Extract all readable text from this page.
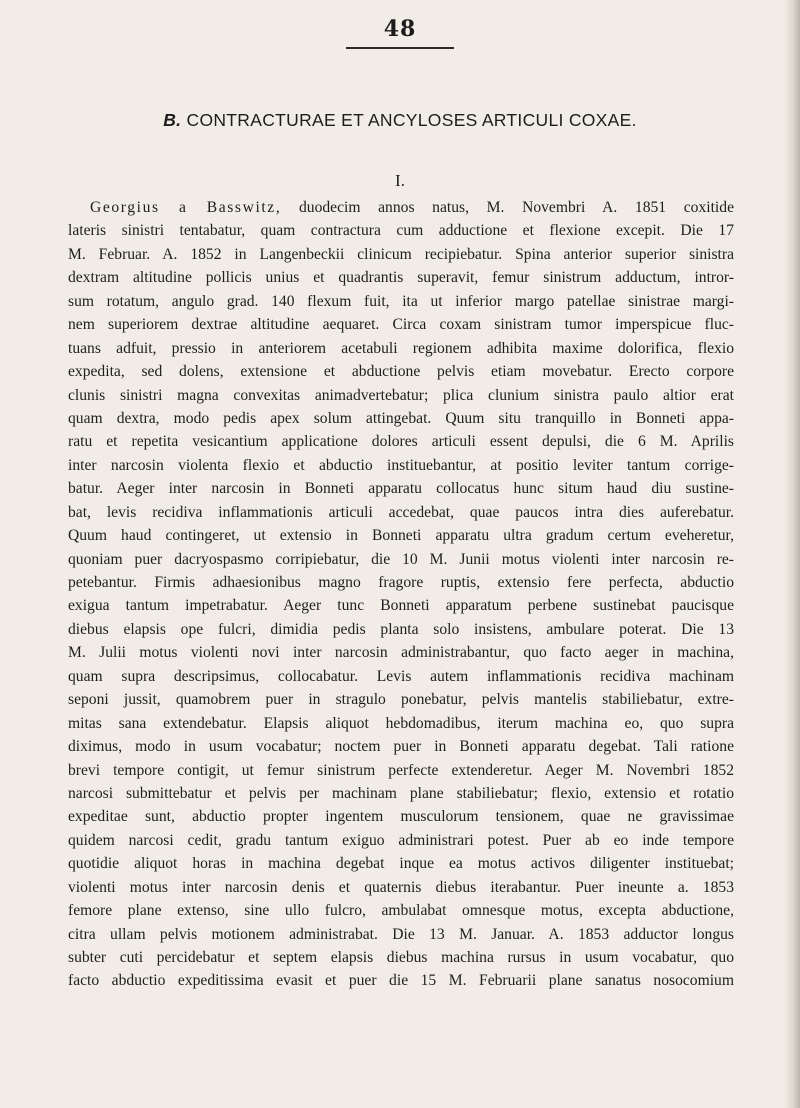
48
B. CONTRACTURAE ET ANCYLOSES ARTICULI COXAE.
I.
Georgius a Basswitz, duodecim annos natus, M. Novembri A. 1851 coxitide
lateris sinistri tentabatur, quam contractura cum adductione et flexione excepit. Die 17
M. Februar. A. 1852 in Langenbeckii clinicum recipiebatur. Spina anterior superior sinistra
dextram altitudine pollicis unius et quadrantis superavit, femur sinistrum adductum, intror-
sum rotatum, angulo grad. 140 flexum fuit, ita ut inferior margo patellae sinistrae margi-
nem superiorem dextrae altitudine aequaret. Circa coxam sinistram tumor imperspicue fluc-
tuans adfuit, pressio in anteriorem acetabuli regionem adhibita maxime dolorifica, flexio
expedita, sed dolens, extensione et abductione pelvis etiam movebatur. Erecto corpore
clunis sinistri magna convexitas animadvertebatur; plica clunium sinistra paulo altior erat
quam dextra, modo pedis apex solum attingebat. Quum situ tranquillo in Bonneti appa-
ratu et repetita vesicantium applicatione dolores articuli essent depulsi, die 6 M. Aprilis
inter narcosin violenta flexio et abductio instituebantur, at positio leviter tantum corrige-
batur. Aeger inter narcosin in Bonneti apparatu collocatus hunc situm haud diu sustine-
bat, levis recidiva inflammationis articuli accedebat, quae paucos intra dies auferebatur.
Quum haud contingeret, ut extensio in Bonneti apparatu ultra gradum certum eveheretur,
quoniam puer dacryospasmo corripiebatur, die 10 M. Junii motus violenti inter narcosin re-
petebantur. Firmis adhaesionibus magno fragore ruptis, extensio fere perfecta, abductio
exigua tantum impetrabatur. Aeger tunc Bonneti apparatum perbene sustinebat paucisque
diebus elapsis ope fulcri, dimidia pedis planta solo insistens, ambulare poterat. Die 13
M. Julii motus violenti novi inter narcosin administrabantur, quo facto aeger in machina,
quam supra descripsimus, collocabatur. Levis autem inflammationis recidiva machinam
seponi jussit, quamobrem puer in stragulo ponebatur, pelvis mantelis stabiliebatur, extre-
mitas sana extendebatur. Elapsis aliquot hebdomadibus, iterum machina eo, quo supra
diximus, modo in usum vocabatur; noctem puer in Bonneti apparatu degebat. Tali ratione
brevi tempore contigit, ut femur sinistrum perfecte extenderetur. Aeger M. Novembri 1852
narcosi submittebatur et pelvis per machinam plane stabiliebatur; flexio, extensio et rotatio
expeditae sunt, abductio propter ingentem musculorum tensionem, quae ne gravissimae
quidem narcosi cedit, gradu tantum exiguo administrari potest. Puer ab eo inde tempore
quotidie aliquot horas in machina degebat inque ea motus activos diligenter instituebat;
violenti motus inter narcosin denis et quaternis diebus iterabantur. Puer ineunte a. 1853
femore plane extenso, sine ullo fulcro, ambulabat omnesque motus, excepta abductione,
citra ullam pelvis motionem administrabat. Die 13 M. Januar. A. 1853 adductor longus
subter cuti percidebatur et septem elapsis diebus machina rursus in usum vocabatur, quo
facto abductio expeditissima evasit et puer die 15 M. Februarii plane sanatus nosocomium
